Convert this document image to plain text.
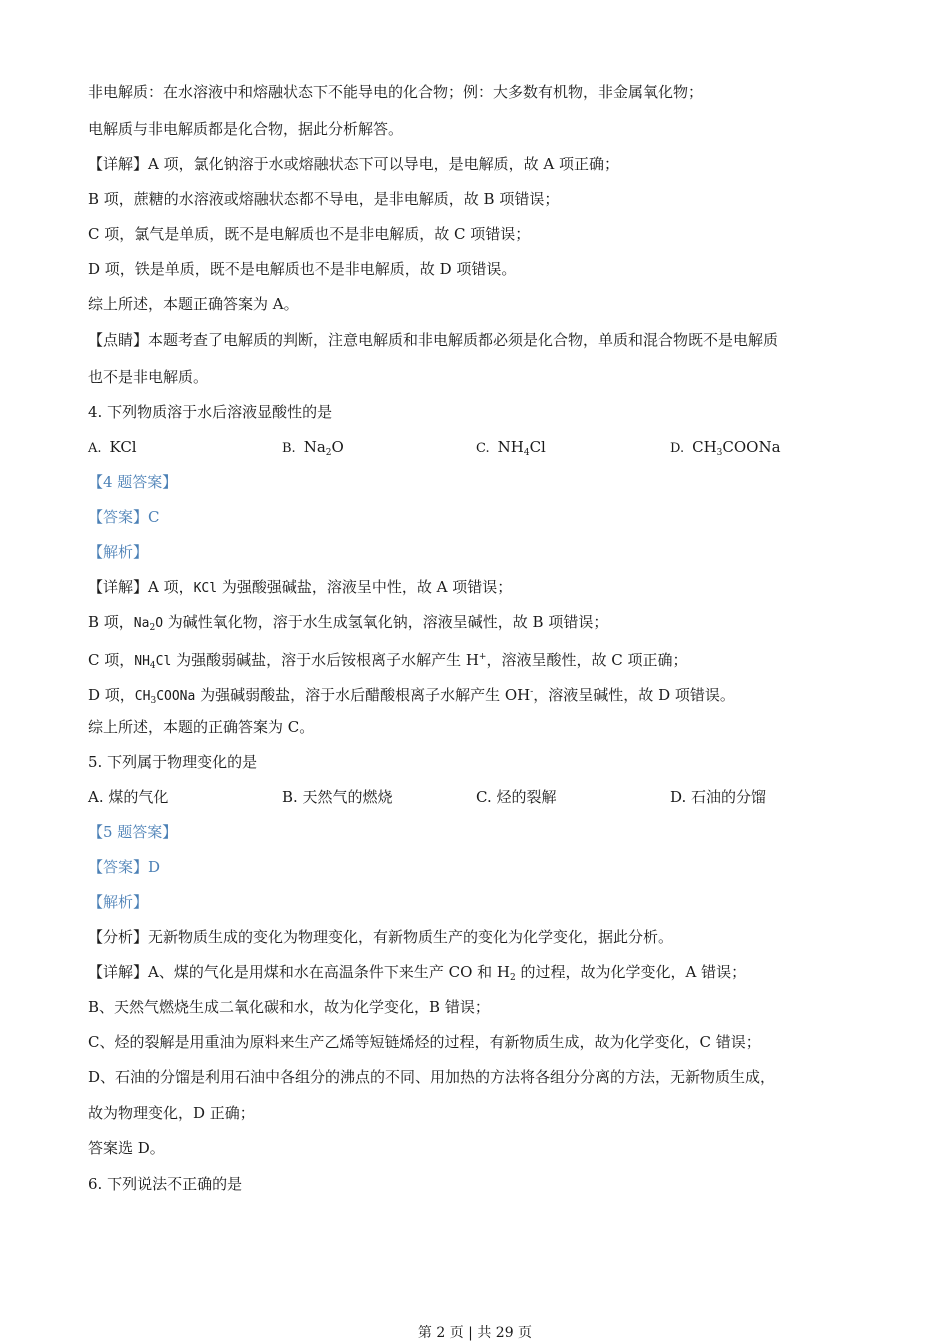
非电解质：在水溶液中和熔融状态下不能导电的化合物；例：大多数有机物，非金属氧化物；
电解质与非电解质都是化合物，据此分析解答。
【详解】A 项，氯化钠溶于水或熔融状态下可以导电，是电解质，故 A 项正确；
B 项，蔗糖的水溶液或熔融状态都不导电，是非电解质，故 B 项错误；
C 项，氯气是单质，既不是电解质也不是非电解质，故 C 项错误；
D 项，铁是单质，既不是电解质也不是非电解质，故 D 项错误。
综上所述，本题正确答案为 A。
【点睛】本题考查了电解质的判断，注意电解质和非电解质都必须是化合物，单质和混合物既不是电解质
也不是非电解质。
4. 下列物质溶于水后溶液显酸性的是
A. KCl	B. $Na_2O$	C. $NH_4Cl$	D. $CH_3COONa$
【4 题答案】
【答案】C
【解析】
【详解】A 项，KCl 为强酸强碱盐，溶液呈中性，故 A 项错误；
B 项，$Na_2O$ 为碱性氧化物，溶于水生成氢氧化钠，溶液呈碱性，故 B 项错误；
C 项，$NH_4Cl$ 为强酸弱碱盐，溶于水后铵根离子水解产生 H+，溶液呈酸性，故 C 项正确；
D 项，$CH_3COONa$ 为强碱弱酸盐，溶于水后醋酸根离子水解产生 OH-，溶液呈碱性，故 D 项错误。
综上所述，本题的正确答案为 C。
5. 下列属于物理变化的是
A. 煤的气化	B. 天然气的燃烧	C. 烃的裂解	D. 石油的分馏
【5 题答案】
【答案】D
【解析】
【分析】无新物质生成的变化为物理变化，有新物质生产的变化为化学变化，据此分析。
【详解】A、煤的气化是用煤和水在高温条件下来生产 CO 和 $H_2$ 的过程，故为化学变化，A 错误；
B、天然气燃烧生成二氧化碳和水，故为化学变化，B 错误；
C、烃的裂解是用重油为原料来生产乙烯等短链烯烃的过程，有新物质生成，故为化学变化，C 错误；
D、石油的分馏是利用石油中各组分的沸点的不同、用加热的方法将各组分分离的方法，无新物质生成，
故为物理变化，D 正确；
答案选 D。
6. 下列说法不正确的是
第 2 页 | 共 29 页
